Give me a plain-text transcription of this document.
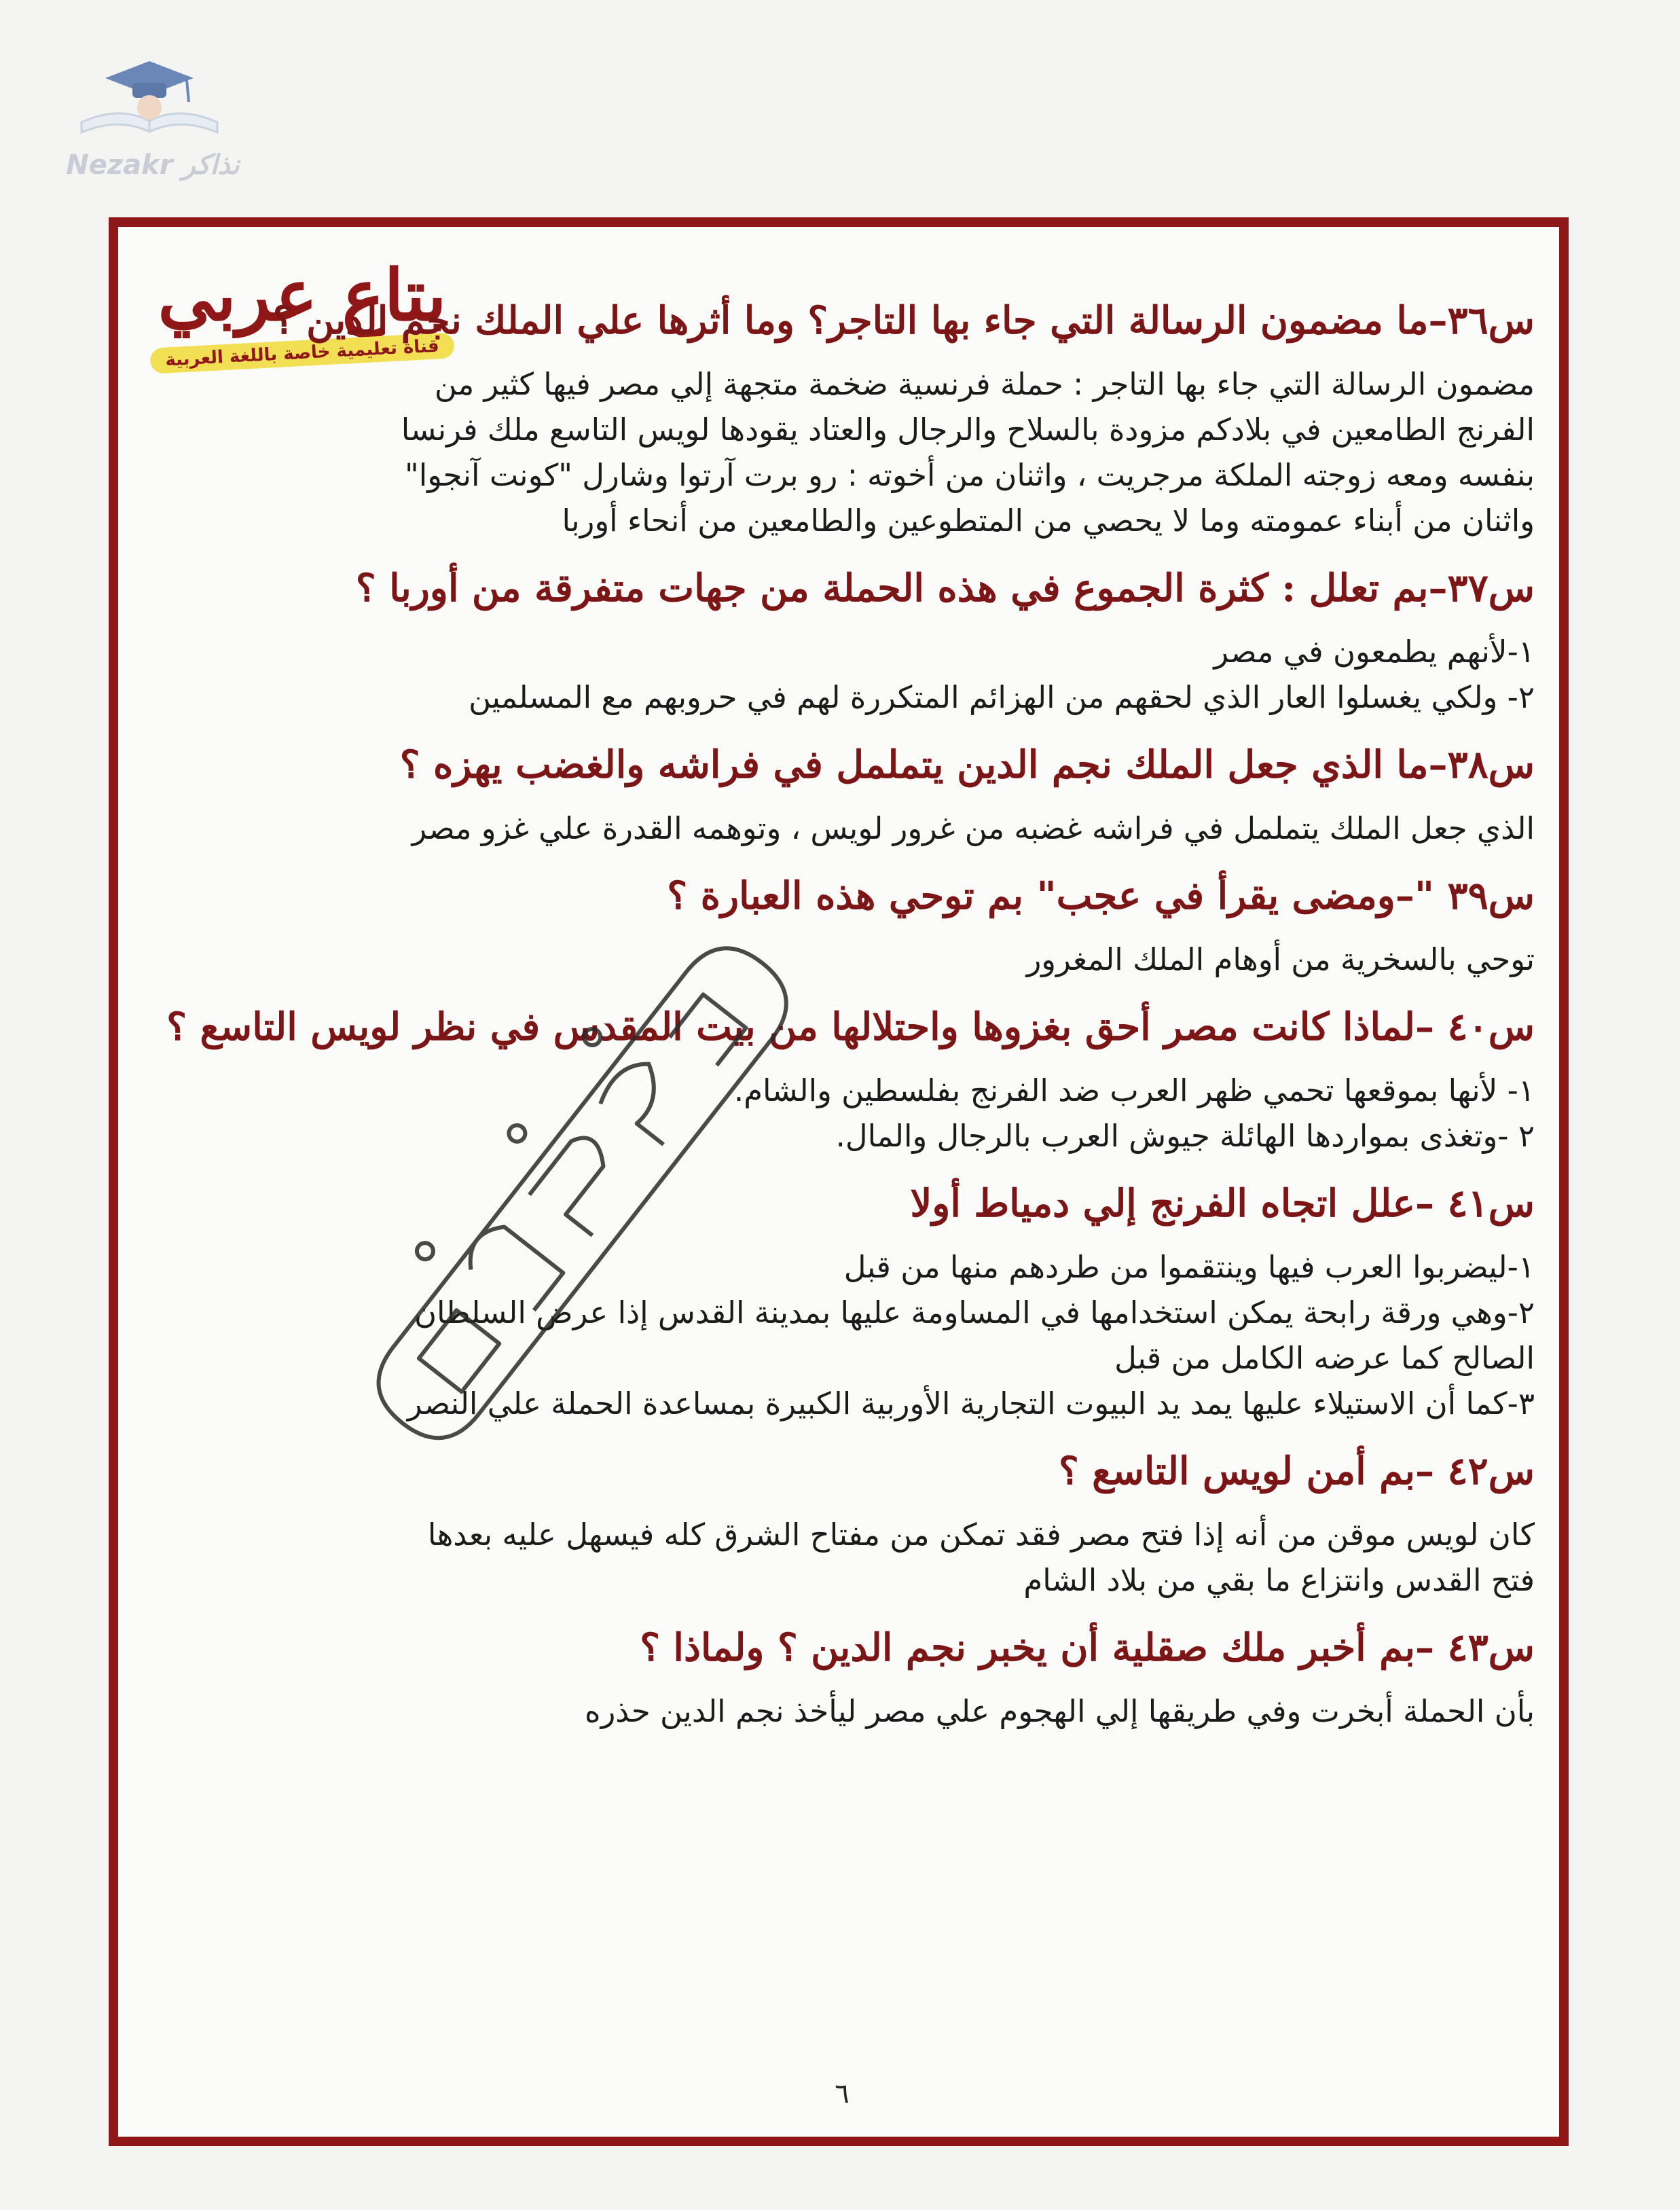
Nezakr نذاكر
بتاع عربي
قناة تعليمية خاصة باللغة العربية
س٣٦–ما مضمون الرسالة التي جاء بها التاجر؟ وما أثرها علي الملك نجم الدين ؟

مضمون الرسالة التي جاء بها التاجر : حملة فرنسية ضخمة متجهة إلي مصر فيها كثير من

الفرنج الطامعين في بلادكم مزودة بالسلاح والرجال والعتاد يقودها لويس التاسع ملك فرنسا

بنفسه ومعه زوجته الملكة مرجريت ، واثنان من أخوته : رو برت آرتوا وشارل "كونت آنجوا"

واثنان من أبناء عمومته وما لا يحصي من المتطوعين والطامعين من أنحاء أوربا

س٣٧–بم تعلل : كثرة الجموع في هذه الحملة من جهات متفرقة من أوربا ؟

١-لأنهم يطمعون في مصر

٢- ولكي يغسلوا العار الذي لحقهم من الهزائم المتكررة لهم في حروبهم مع المسلمين

س٣٨–ما الذي جعل الملك نجم الدين يتململ في فراشه والغضب يهزه ؟

الذي جعل الملك يتململ في فراشه غضبه من غرور لويس ، وتوهمه القدرة علي غزو مصر

س٣٩ "–ومضى يقرأ في عجب" بم توحي هذه العبارة ؟

توحي بالسخرية من أوهام الملك المغرور

س٤٠ –لماذا كانت مصر أحق بغزوها واحتلالها من بيت المقدس في نظر لويس التاسع ؟

١- لأنها بموقعها تحمي ظهر العرب ضد الفرنج بفلسطين والشام.

٢ -وتغذى بمواردها الهائلة جيوش العرب بالرجال والمال.

س٤١ –علل اتجاه الفرنج إلي دمياط أولا

١-ليضربوا العرب فيها وينتقموا من طردهم منها من قبل

٢-وهي ورقة رابحة يمكن استخدامها في المساومة عليها بمدينة القدس إذا عرض السلطان

الصالح كما عرضه الكامل من قبل

٣-كما أن الاستيلاء عليها يمد يد البيوت التجارية الأوربية الكبيرة بمساعدة الحملة علي النصر

س٤٢ –بم أمن لويس التاسع ؟

كان لويس موقن من أنه إذا فتح مصر فقد تمكن من مفتاح الشرق كله فيسهل عليه بعدها

فتح القدس وانتزاع ما بقي من بلاد الشام

س٤٣ –بم أخبر ملك صقلية أن يخبر نجم الدين ؟ ولماذا ؟

بأن الحملة أبخرت وفي طريقها إلي الهجوم علي مصر ليأخذ نجم الدين حذره

٦
